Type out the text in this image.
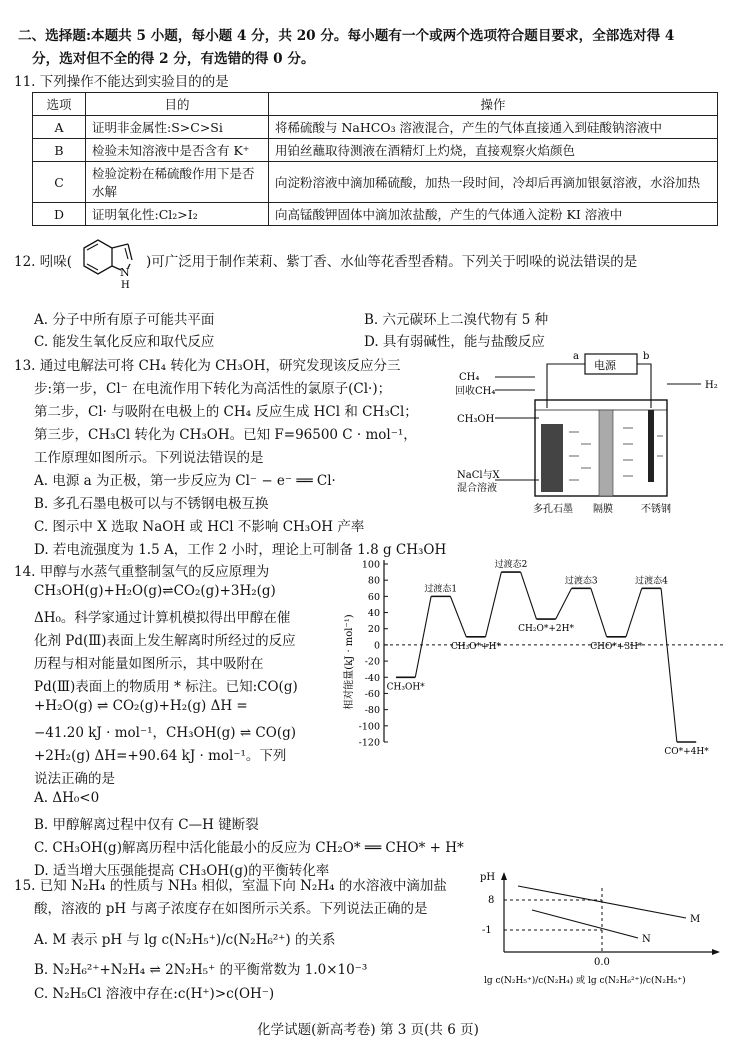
二、选择题:本题共 5 小题，每小题 4 分，共 20 分。每小题有一个或两个选项符合题目要求，全部选对得 4
分，选对但不全的得 2 分，有选错的得 0 分。
11. 下列操作不能达到实验目的的是
选项	目的	操作
A	证明非金属性:S>C>Si	将稀硫酸与 NaHCO₃ 溶液混合，产生的气体直接通入到硅酸钠溶液中
B	检验未知溶液中是否含有 K⁺	用铂丝蘸取待测液在酒精灯上灼烧，直接观察火焰颜色
C	检验淀粉在稀硫酸作用下是否水解	向淀粉溶液中滴加稀硫酸，加热一段时间，冷却后再滴加银氨溶液，水浴加热
D	证明氧化性:Cl₂>I₂	向高锰酸钾固体中滴加浓盐酸，产生的气体通入淀粉 KI 溶液中
12. 吲哚(
N
H
)可广泛用于制作茉莉、紫丁香、水仙等花香型香精。下列关于吲哚的说法错误的是
A. 分子中所有原子可能共平面	B. 六元碳环上二溴代物有 5 种
C. 能发生氧化反应和取代反应	D. 具有弱碱性，能与盐酸反应
13. 通过电解法可将 CH₄ 转化为 CH₃OH，研究发现该反应分三
步:第一步，Cl⁻ 在电流作用下转化为高活性的氯原子(Cl·)；
第二步，Cl· 与吸附在电极上的 CH₄ 反应生成 HCl 和 CH₃Cl；
第三步，CH₃Cl 转化为 CH₃OH。已知 F=96500 C · mol⁻¹，
工作原理如图所示。下列说法错误的是
A. 电源 a 为正极，第一步反应为 Cl⁻ − e⁻ ══ Cl·
B. 多孔石墨电极可以与不锈钢电极互换
C. 图示中 X 选取 NaOH 或 HCl 不影响 CH₃OH 产率
D. 若电流强度为 1.5 A，工作 2 小时，理论上可制备 1.8 g CH₃OH
电源
a	b
CH₄
回收CH₄
CH₃OH
H₂
NaCl与X
混合溶液
多孔石墨 隔膜	不锈钢
14. 甲醇与水蒸气重整制氢气的反应原理为
CH₃OH(g)+H₂O(g)⇌CO₂(g)+3H₂(g)
ΔH₀。科学家通过计算机模拟得出甲醇在催
化剂 Pd(Ⅲ)表面上发生解离时所经过的反应
历程与相对能量如图所示，其中吸附在
Pd(Ⅲ)表面上的物质用 * 标注。已知:CO(g)
+H₂O(g) ⇌ CO₂(g)+H₂(g) ΔH =
−41.20 kJ · mol⁻¹，CH₃OH(g) ⇌ CO(g)
+2H₂(g) ΔH=+90.64 kJ · mol⁻¹。下列
说法正确的是
A. ΔH₀<0
B. 甲醇解离过程中仅有 C—H 键断裂
C. CH₃OH(g)解离历程中活化能最小的反应为 CH₂O* ══ CHO* + H*
D. 适当增大压强能提高 CH₃OH(g)的平衡转化率
100
80
60
40
20
0
-20
-40
-60
-80
-100
-120
CH₃OH*
过渡态1
CH₃O*+H*
过渡态2
CH₂O*+2H*
过渡态3
CHO*+3H*
过渡态4
CO*+4H*
相对能量(kJ · mol⁻¹)
15. 已知 N₂H₄ 的性质与 NH₃ 相似，室温下向 N₂H₄ 的水溶液中滴加盐
酸，溶液的 pH 与离子浓度存在如图所示关系。下列说法正确的是
A. M 表示 pH 与 lg c(N₂H₅⁺)/c(N₂H₆²⁺) 的关系
B. N₂H₆²⁺+N₂H₄ ⇌ 2N₂H₅⁺ 的平衡常数为 1.0×10⁻³
C. N₂H₅Cl 溶液中存在:c(H⁺)>c(OH⁻)
pH
8
-1
M
N
0.0
lg c(N₂H₅⁺)/c(N₂H₄) 或 lg c(N₂H₆²⁺)/c(N₂H₅⁺)
化学试题(新高考卷) 第 3 页(共 6 页)
